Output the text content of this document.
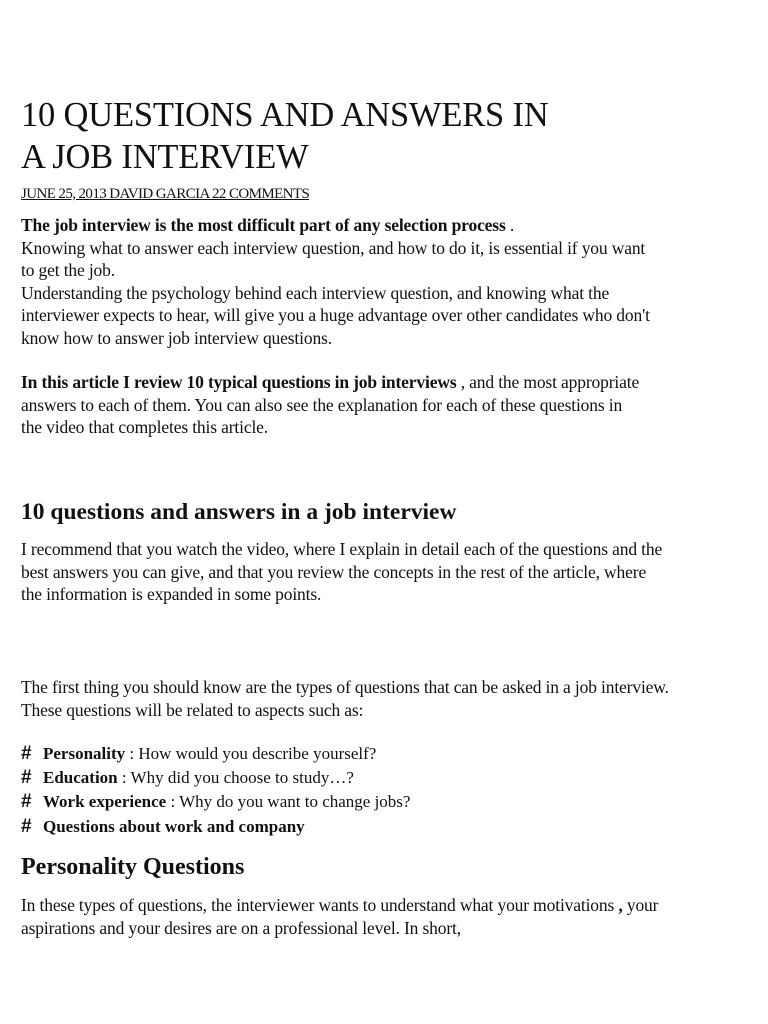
10 QUESTIONS AND ANSWERS IN
A JOB INTERVIEW
JUNE 25, 2013 DAVID GARCIA 22 COMMENTS

The job interview is the most difficult part of any selection process .

Knowing what to answer each interview question, and how to do it, is essential if you want to get the job.

Understanding the psychology behind each interview question, and knowing what the interviewer expects to hear, will give you a huge advantage over other candidates who don't know how to answer job interview questions.

In this article I review 10 typical questions in job interviews , and the most appropriate answers to each of them. You can also see the explanation for each of these questions in the video that completes this article.

10 questions and answers in a job interview

I recommend that you watch the video, where I explain in detail each of the questions and the best answers you can give, and that you review the concepts in the rest of the article, where the information is expanded in some points.

The first thing you should know are the types of questions that can be asked in a job interview. These questions will be related to aspects such as:

# Personality : How would you describe yourself?
# Education : Why did you choose to study…?
# Work experience : Why do you want to change jobs?
# Questions about work and company
Personality Questions

In these types of questions, the interviewer wants to understand what your motivations , your aspirations and your desires are on a professional level. In short,
